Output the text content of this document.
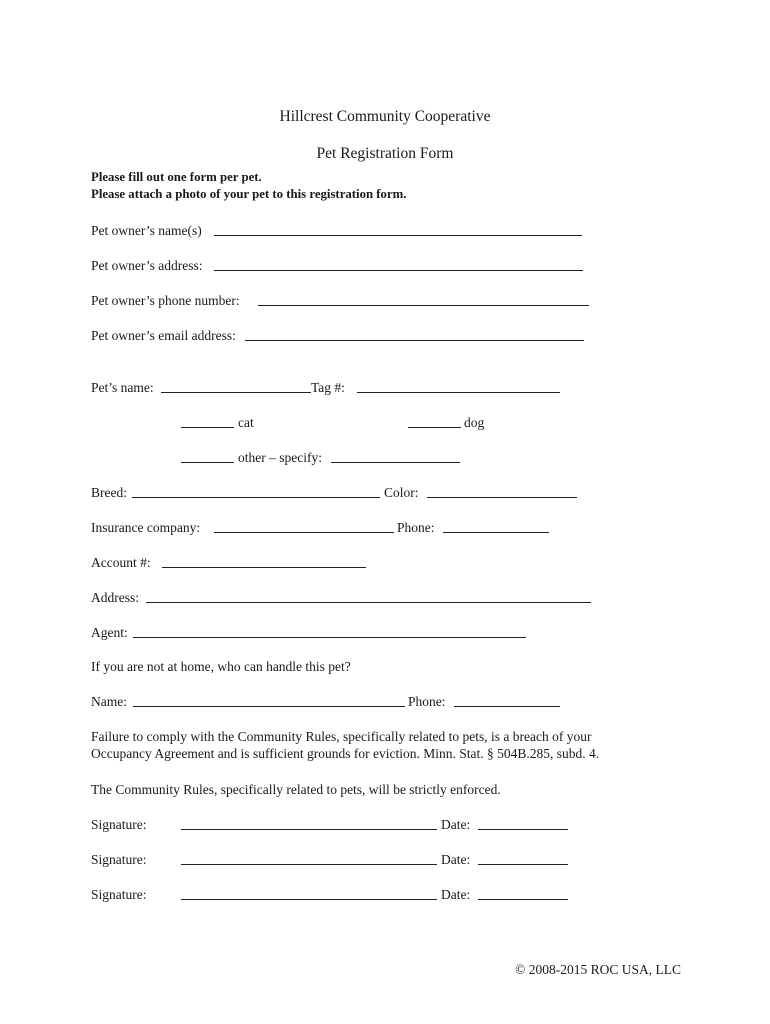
Hillcrest Community Cooperative
Pet Registration Form
Please fill out one form per pet.
Please attach a photo of your pet to this registration form.
Pet owner’s name(s)
Pet owner’s address:
Pet owner’s phone number:
Pet owner’s email address:
Pet’s name:	Tag #:
cat	dog
other – specify:
Breed:	Color:
Insurance company:	Phone:
Account #:
Address:
Agent:
If you are not at home, who can handle this pet?
Name:	Phone:
Failure to comply with the Community Rules, specifically related to pets, is a breach of your
Occupancy Agreement and is sufficient grounds for eviction. Minn. Stat. § 504B.285, subd. 4.
The Community Rules, specifically related to pets, will be strictly enforced.
Signature:	Date:
Signature:	Date:
Signature:	Date:
© 2008-2015 ROC USA, LLC
